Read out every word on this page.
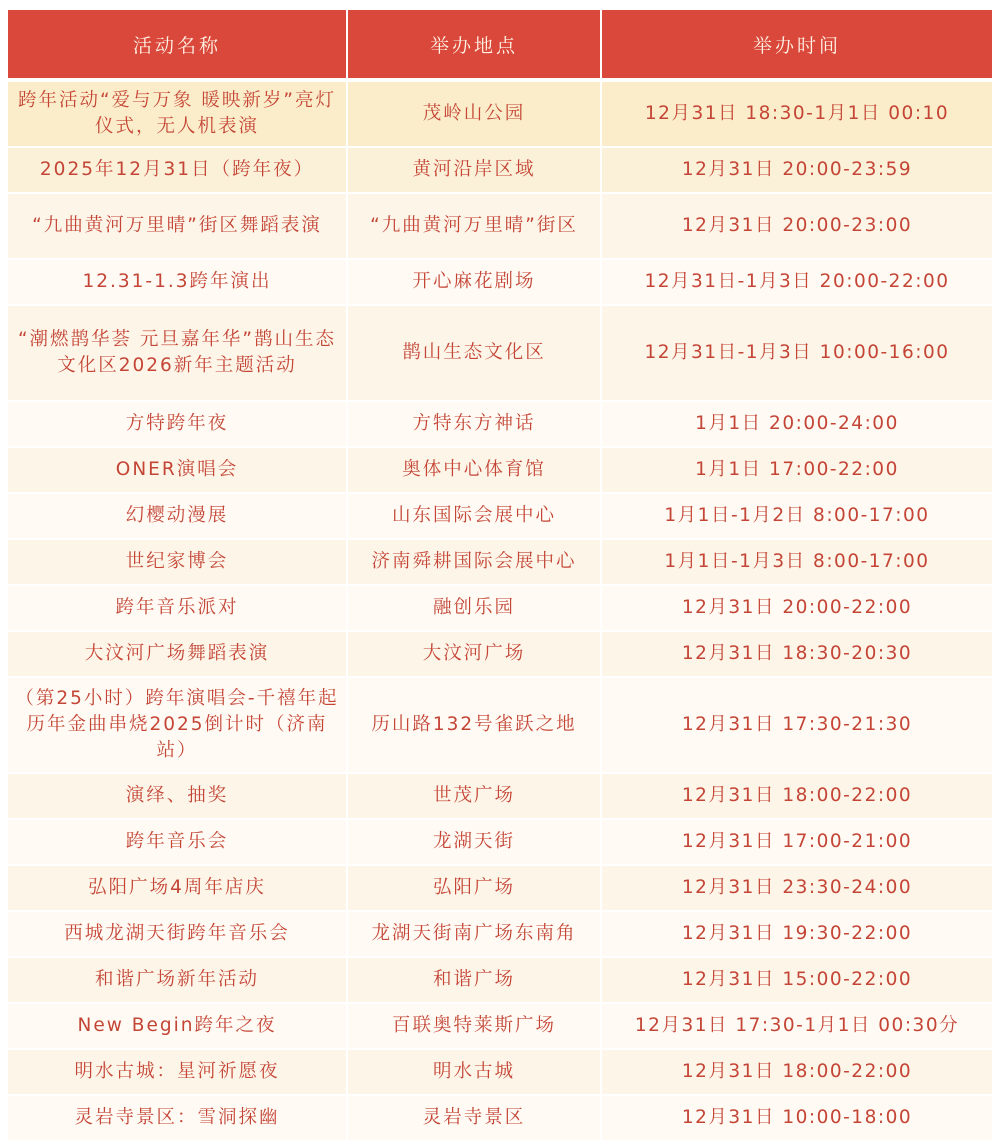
活动名称	举办地点	举办时间
跨年活动“爱与万象 暖映新岁”亮灯仪式，无人机表演	茂岭山公园	12月31日 18:30-1月1日 00:10
2025年12月31日（跨年夜）	黄河沿岸区域	12月31日 20:00-23:59
“九曲黄河万里晴”街区舞蹈表演	“九曲黄河万里晴”街区	12月31日 20:00-23:00
12.31-1.3跨年演出	开心麻花剧场	12月31日-1月3日 20:00-22:00
“潮燃鹊华荟 元旦嘉年华”鹊山生态文化区2026新年主题活动	鹊山生态文化区	12月31日-1月3日 10:00-16:00
方特跨年夜	方特东方神话	1月1日 20:00-24:00
ONER演唱会	奥体中心体育馆	1月1日 17:00-22:00
幻樱动漫展	山东国际会展中心	1月1日-1月2日 8:00-17:00
世纪家博会	济南舜耕国际会展中心	1月1日-1月3日 8:00-17:00
跨年音乐派对	融创乐园	12月31日 20:00-22:00
大汶河广场舞蹈表演	大汶河广场	12月31日 18:30-20:30
（第25小时）跨年演唱会-千禧年起历年金曲串烧2025倒计时（济南站）	历山路132号雀跃之地	12月31日 17:30-21:30
演绎、抽奖	世茂广场	12月31日 18:00-22:00
跨年音乐会	龙湖天街	12月31日 17:00-21:00
弘阳广场4周年店庆	弘阳广场	12月31日 23:30-24:00
西城龙湖天街跨年音乐会	龙湖天街南广场东南角	12月31日 19:30-22:00
和谐广场新年活动	和谐广场	12月31日 15:00-22:00
New Begin跨年之夜	百联奥特莱斯广场	12月31日 17:30-1月1日 00:30分
明水古城：星河祈愿夜	明水古城	12月31日 18:00-22:00
灵岩寺景区：雪洞探幽	灵岩寺景区	12月31日 10:00-18:00
